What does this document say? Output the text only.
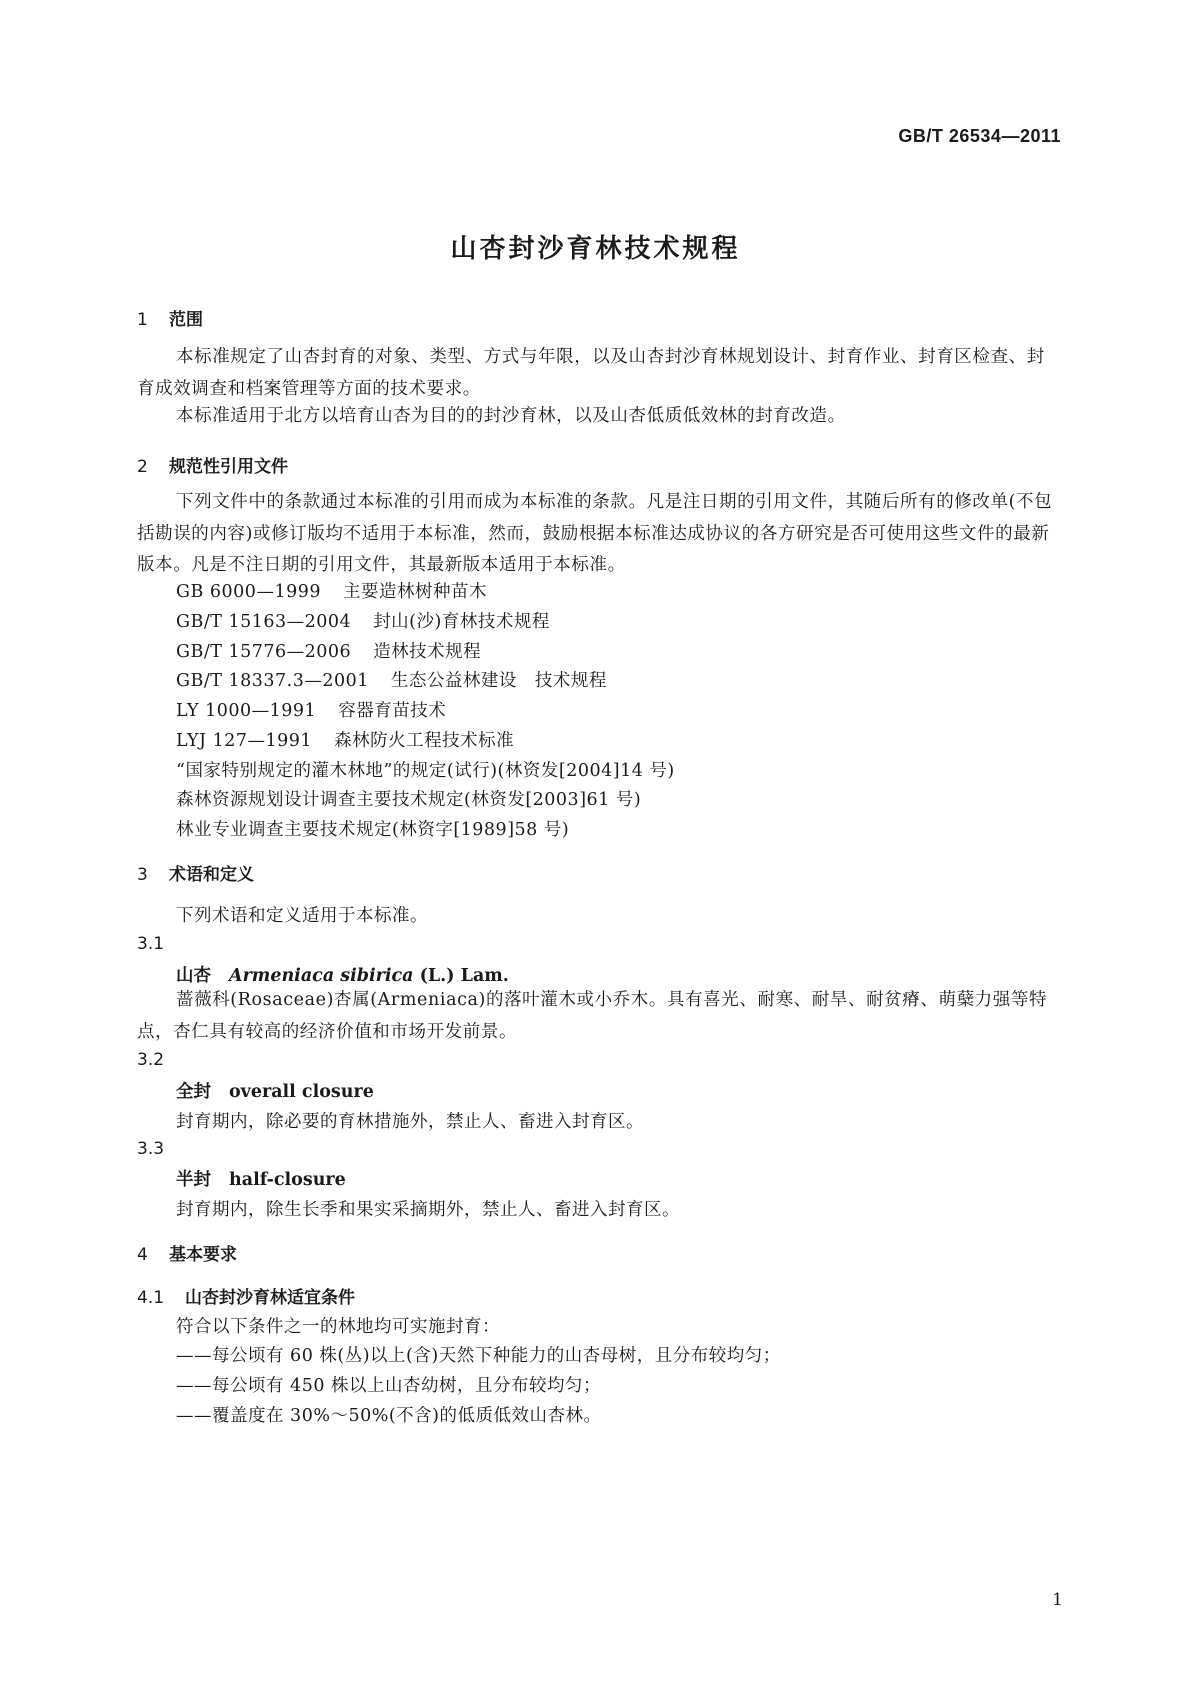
GB/T 26534—2011
山杏封沙育林技术规程
1 范围
本标准规定了山杏封育的对象、类型、方式与年限，以及山杏封沙育林规划设计、封育作业、封育区检查、封育成效调查和档案管理等方面的技术要求。
本标准适用于北方以培育山杏为目的的封沙育林，以及山杏低质低效林的封育改造。
2 规范性引用文件
下列文件中的条款通过本标准的引用而成为本标准的条款。凡是注日期的引用文件，其随后所有的修改单(不包括勘误的内容)或修订版均不适用于本标准，然而，鼓励根据本标准达成协议的各方研究是否可使用这些文件的最新版本。凡是不注日期的引用文件，其最新版本适用于本标准。
GB 6000—1999 主要造林树种苗木
GB/T 15163—2004 封山(沙)育林技术规程
GB/T 15776—2006 造林技术规程
GB/T 18337.3—2001 生态公益林建设　技术规程
LY 1000—1991 容器育苗技术
LYJ 127—1991 森林防火工程技术标准
“国家特别规定的灌木林地”的规定(试行)(林资发[2004]14 号)
森林资源规划设计调查主要技术规定(林资发[2003]61 号)
林业专业调查主要技术规定(林资字[1989]58 号)
3 术语和定义
下列术语和定义适用于本标准。
3.1
山杏 Armeniaca sibirica (L.) Lam.
蔷薇科(Rosaceae)杏属(Armeniaca)的落叶灌木或小乔木。具有喜光、耐寒、耐旱、耐贫瘠、萌蘖力强等特点，杏仁具有较高的经济价值和市场开发前景。
3.2
全封 overall closure
封育期内，除必要的育林措施外，禁止人、畜进入封育区。
3.3
半封 half-closure
封育期内，除生长季和果实采摘期外，禁止人、畜进入封育区。
4 基本要求
4.1 山杏封沙育林适宜条件
符合以下条件之一的林地均可实施封育：
——每公顷有 60 株(丛)以上(含)天然下种能力的山杏母树，且分布较均匀；
——每公顷有 450 株以上山杏幼树，且分布较均匀；
——覆盖度在 30%～50%(不含)的低质低效山杏林。
1
